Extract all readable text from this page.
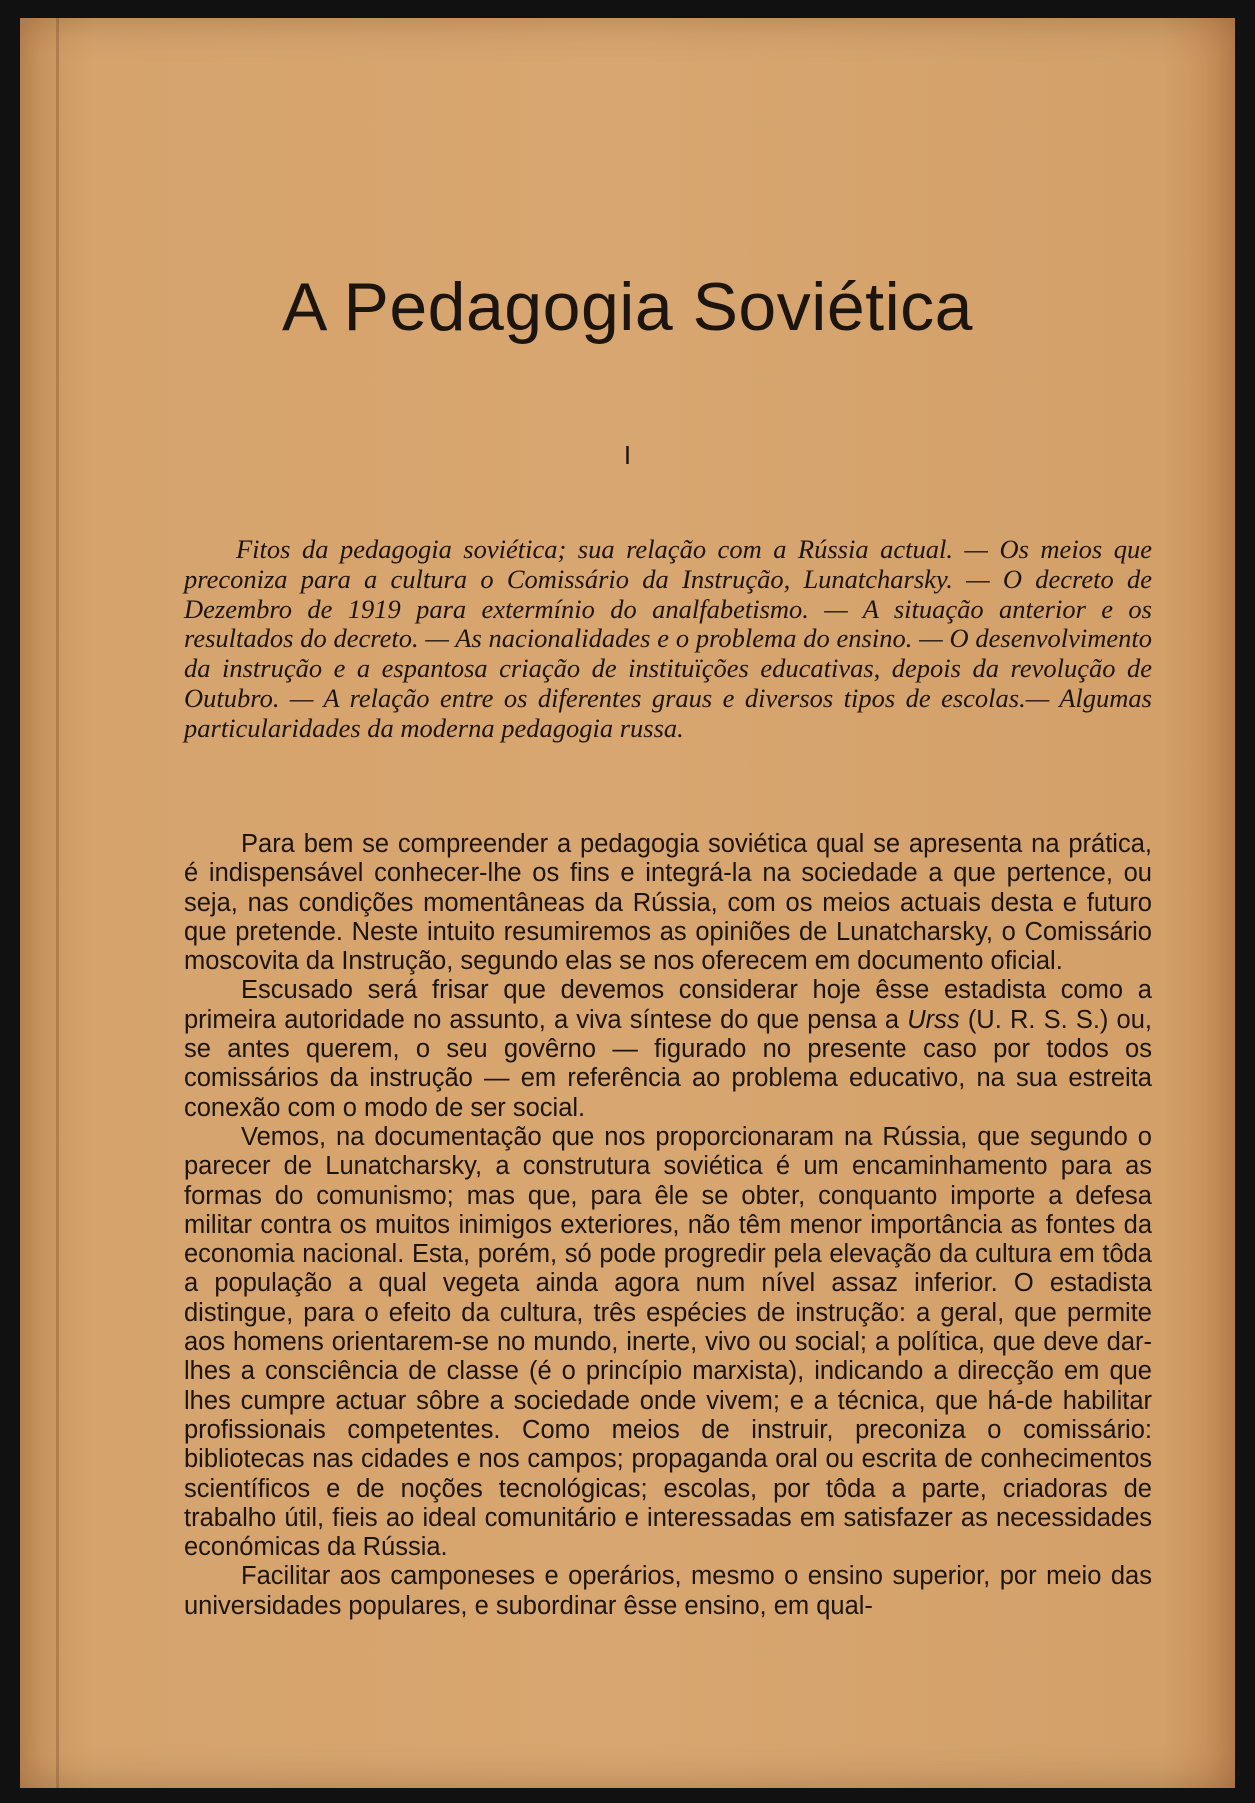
A Pedagogia Soviética
I

Fitos da pedagogia soviética; sua relação com a Rússia actual. — Os meios que preconiza para a cultura o Comissário da Instrução, Lunatcharsky. — O decreto de Dezembro de 1919 para extermínio do analfabetismo. — A situação anterior e os resultados do decreto. — As nacionalidades e o problema do ensino. — O desenvolvimento da instrução e a espantosa criação de instituïções educativas, depois da revolução de Outubro. — A relação entre os diferentes graus e diversos tipos de escolas.— Algumas particularidades da moderna pedagogia russa.

Para bem se compreender a pedagogia soviética qual se apresenta na prática, é indispensável conhecer-lhe os fins e integrá-la na sociedade a que pertence, ou seja, nas condições momentâneas da Rússia, com os meios actuais desta e futuro que pretende. Neste intuito resumiremos as opiniões de Lunatcharsky, o Comissário moscovita da Instrução, segundo elas se nos oferecem em documento oficial.

Escusado será frisar que devemos considerar hoje êsse estadista como a primeira autoridade no assunto, a viva síntese do que pensa a Urss (U. R. S. S.) ou, se antes querem, o seu govêrno — figurado no presente caso por todos os comissários da instrução — em referência ao problema educativo, na sua estreita conexão com o modo de ser social.

Vemos, na documentação que nos proporcionaram na Rússia, que segundo o parecer de Lunatcharsky, a construtura soviética é um encaminhamento para as formas do comunismo; mas que, para êle se obter, conquanto importe a defesa militar contra os muitos inimigos exteriores, não têm menor importância as fontes da economia nacional. Esta, porém, só pode progredir pela elevação da cultura em tôda a população a qual vegeta ainda agora num nível assaz inferior. O estadista distingue, para o efeito da cultura, três espécies de instrução: a geral, que permite aos homens orientarem-se no mundo, inerte, vivo ou social; a política, que deve dar-lhes a consciência de classe (é o princípio marxista), indicando a direcção em que lhes cumpre actuar sôbre a sociedade onde vivem; e a técnica, que há-de habilitar profissionais competentes. Como meios de instruir, preconiza o comissário: bibliotecas nas cidades e nos campos; propaganda oral ou escrita de conhecimentos scientíficos e de noções tecnológicas; escolas, por tôda a parte, criadoras de trabalho útil, fieis ao ideal comunitário e interessadas em satisfazer as necessidades económicas da Rússia.

Facilitar aos camponeses e operários, mesmo o ensino superior, por meio das universidades populares, e subordinar êsse ensino, em qual-
